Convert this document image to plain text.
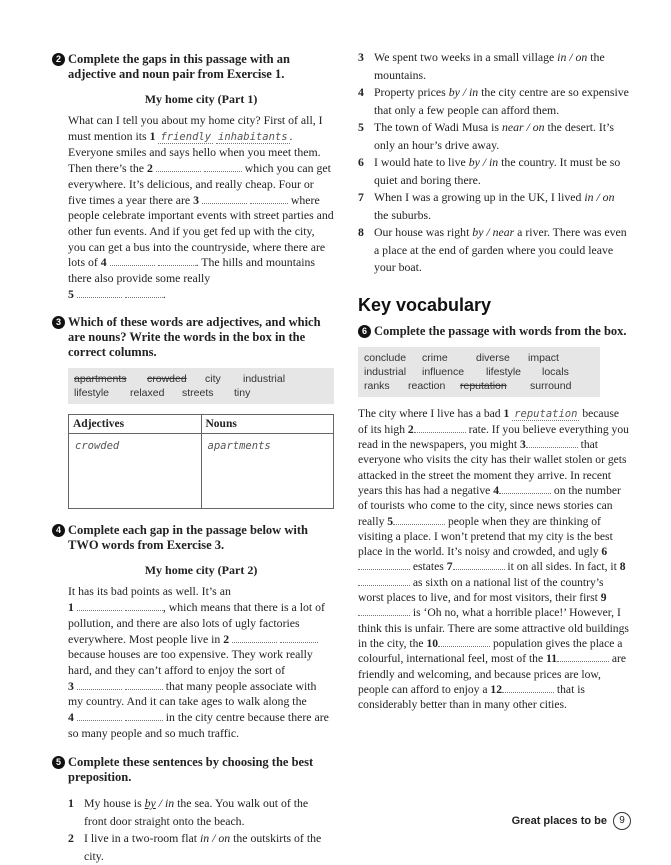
2 Complete the gaps in this passage with an adjective and noun pair from Exercise 1.

My home city (Part 1)

What can I tell you about my home city? First of all, I must mention its 1 friendly inhabitants . Everyone smiles and says hello when you meet them. Then there’s the 2	which you can get everywhere. It’s delicious, and really cheap. Four or five times a year there are 3	where people celebrate important events with street parties and other fun events. And if you get fed up with the city, you can get a bus into the countryside, where there are lots of 4	. The hills and mountains there also provide some really
5	.

3 Which of these words are adjectives, and which are nouns? Write the words in the box in the correct columns.

apartments	crowded	city	industrial
lifestyle	relaxed	streets	tiny
Adjectives	Nouns
crowded	apartments

4 Complete each gap in the passage below with TWO words from Exercise 3.

My home city (Part 2)

It has its bad points as well. It’s an
1	, which means that there is a lot of pollution, and there are also lots of ugly factories everywhere. Most people live in 2   because houses are too expensive. They work really hard, and they can’t afford to enjoy the sort of
3	that many people associate with my country. And it can take ages to walk along the
4	in the city centre because there are so many people and so much traffic.

5 Complete these sentences by choosing the best preposition.

1 My house is by / in the sea. You walk out of the front door straight onto the beach.
2 I live in a two-room flat in / on the outskirts of the city.
3 We spent two weeks in a small village in / on the mountains.
4 Property prices by / in the city centre are so expensive that only a few people can afford them.
5 The town of Wadi Musa is near / on the desert. It’s only an hour’s drive away.
6 I would hate to live by / in the country. It must be so quiet and boring there.
7 When I was a growing up in the UK, I lived in / on the suburbs.
8 Our house was right by / near a river. There was even a place at the end of garden where you could leave your boat.
Key vocabulary

6 Complete the passage with words from the box.

conclude	crime	diverse	impact
industrial	influence	lifestyle	locals
ranks	reaction	reputation	surround

The city where I live has a bad 1 reputation because of its high 2	rate. If you believe everything you read in the newspapers, you might 3	that everyone who visits the city has their wallet stolen or gets attacked in the street the moment they arrive. In recent years this has had a negative 4	on the number of tourists who come to the city, since news stories can really 5	people when they are thinking of visiting a place. I won’t pretend that my city is the best place in the world. It’s noisy and crowded, and ugly 6 estates 7	it on all sides. In fact, it 8 as sixth on a national list of the country’s worst places to live, and for most visitors, their first 9 is ‘Oh no, what a horrible place!’ However, I think this is unfair. There are some attractive old buildings in the city, the 10	population gives the place a colourful, international feel, most of the 11	are friendly and welcoming, and because prices are low, people can afford to enjoy a 12	that is considerably better than in many other cities.

Great places to be	9
